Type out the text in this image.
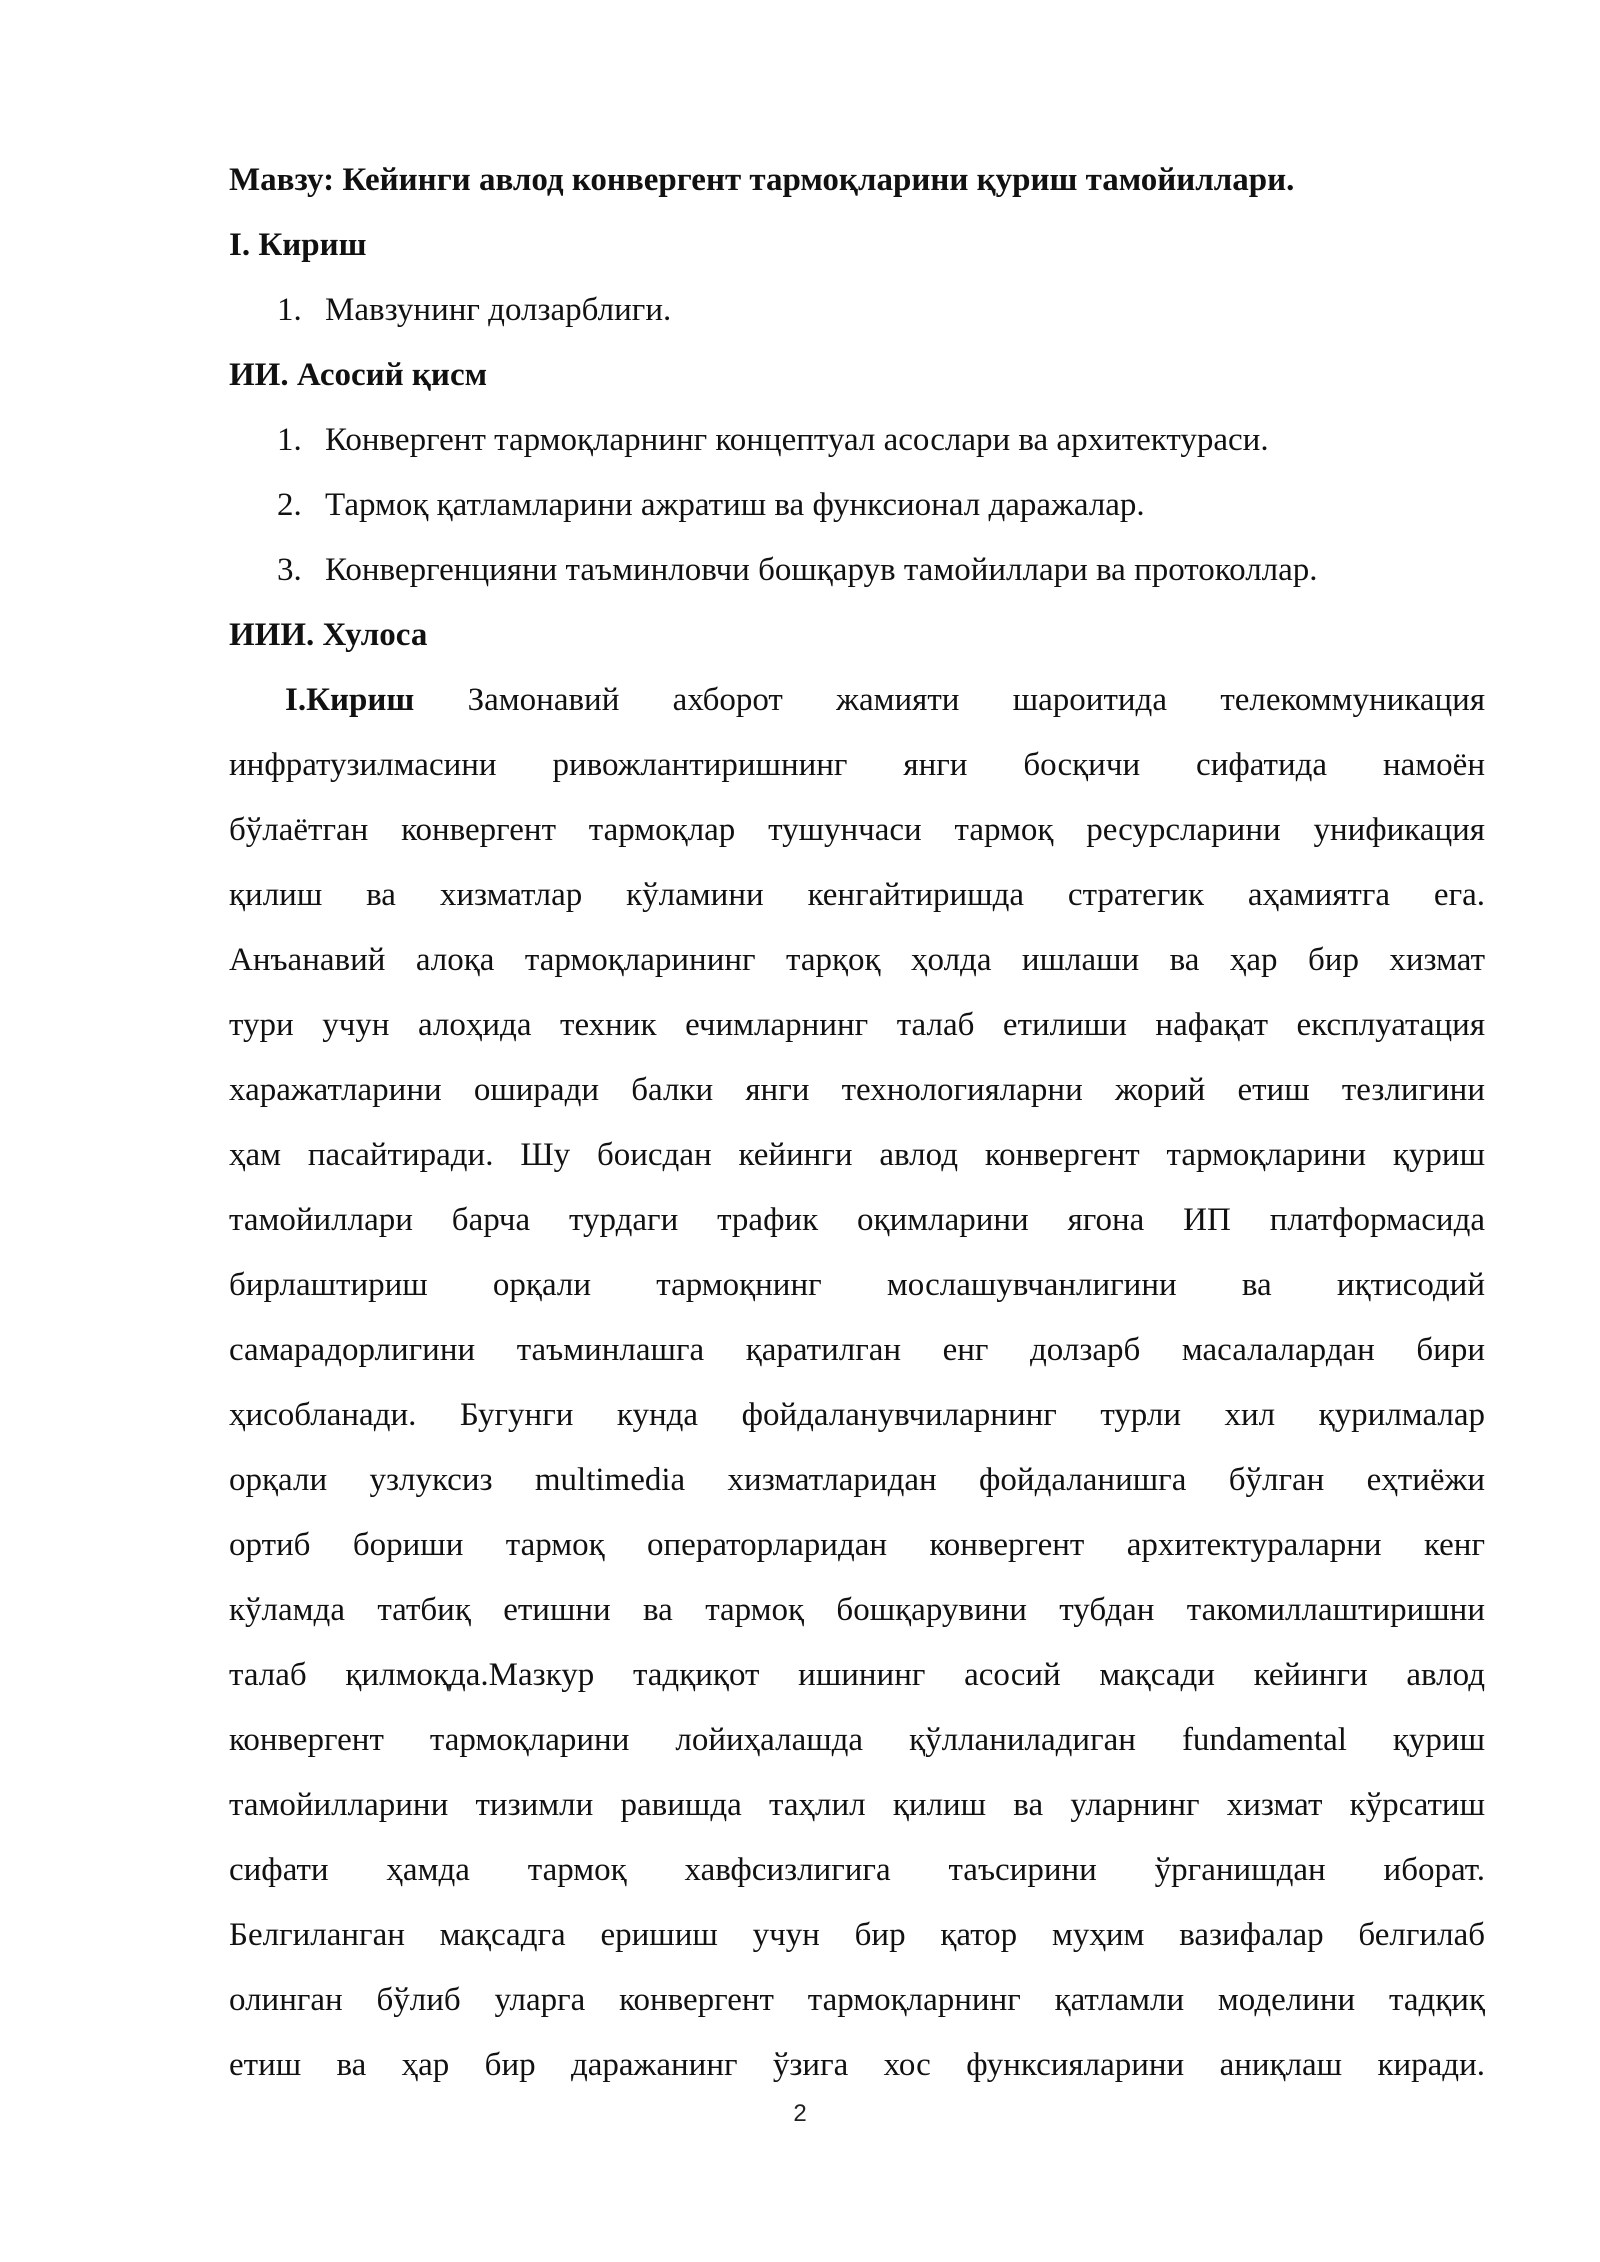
Мавзу: Кейинги авлод конвергент тармоқларини қуриш тамойиллари.
I. Кириш
1. Мавзунинг долзарблиги.
ИИ. Асосий қисм
1. Конвергент тармоқларнинг концептуал асослари ва архитектураси.
2. Тармоқ қатламларини ажратиш ва функсионал даражалар.
3. Конвергенцияни таъминловчи бошқарув тамойиллари ва протоколлар.
ИИИ. Хулоса
I.Кириш Замонавий ахборот жамияти шароитида телекоммуникация
инфратузилмасини ривожлантиришнинг янги босқичи сифатида намоён
бўлаётган конвергент тармоқлар тушунчаси тармоқ ресурсларини унификация
қилиш ва хизматлар кўламини кенгайтиришда стратегик аҳамиятга ега.
Анъанавий алоқа тармоқларининг тарқоқ ҳолда ишлаши ва ҳар бир хизмат
тури учун алоҳида техник ечимларнинг талаб етилиши нафақат експлуатация
харажатларини оширади балки янги технологияларни жорий етиш тезлигини
ҳам пасайтиради. Шу боисдан кейинги авлод конвергент тармоқларини қуриш
тамойиллари барча турдаги трафик оқимларини ягона ИП платформасида
бирлаштириш орқали тармоқнинг мослашувчанлигини ва иқтисодий
самарадорлигини таъминлашга қаратилган енг долзарб масалалардан бири
ҳисобланади. Бугунги кунда фойдаланувчиларнинг турли хил қурилмалар
орқали узлуксиз multimedia хизматларидан фойдаланишга бўлган еҳтиёжи
ортиб бориши тармоқ операторларидан конвергент архитектураларни кенг
кўламда татбиқ етишни ва тармоқ бошқарувини тубдан такомиллаштиришни
талаб қилмоқда.Мазкур тадқиқот ишининг асосий мақсади кейинги авлод
конвергент тармоқларини лойиҳалашда қўлланиладиган fundamental қуриш
тамойилларини тизимли равишда таҳлил қилиш ва уларнинг хизмат кўрсатиш
сифати ҳамда тармоқ хавфсизлигига таъсирини ўрганишдан иборат.
Белгиланган мақсадга еришиш учун бир қатор муҳим вазифалар белгилаб
олинган бўлиб уларга конвергент тармоқларнинг қатламли моделини тадқиқ
етиш ва ҳар бир даражанинг ўзига хос функсияларини аниқлаш киради.
2
